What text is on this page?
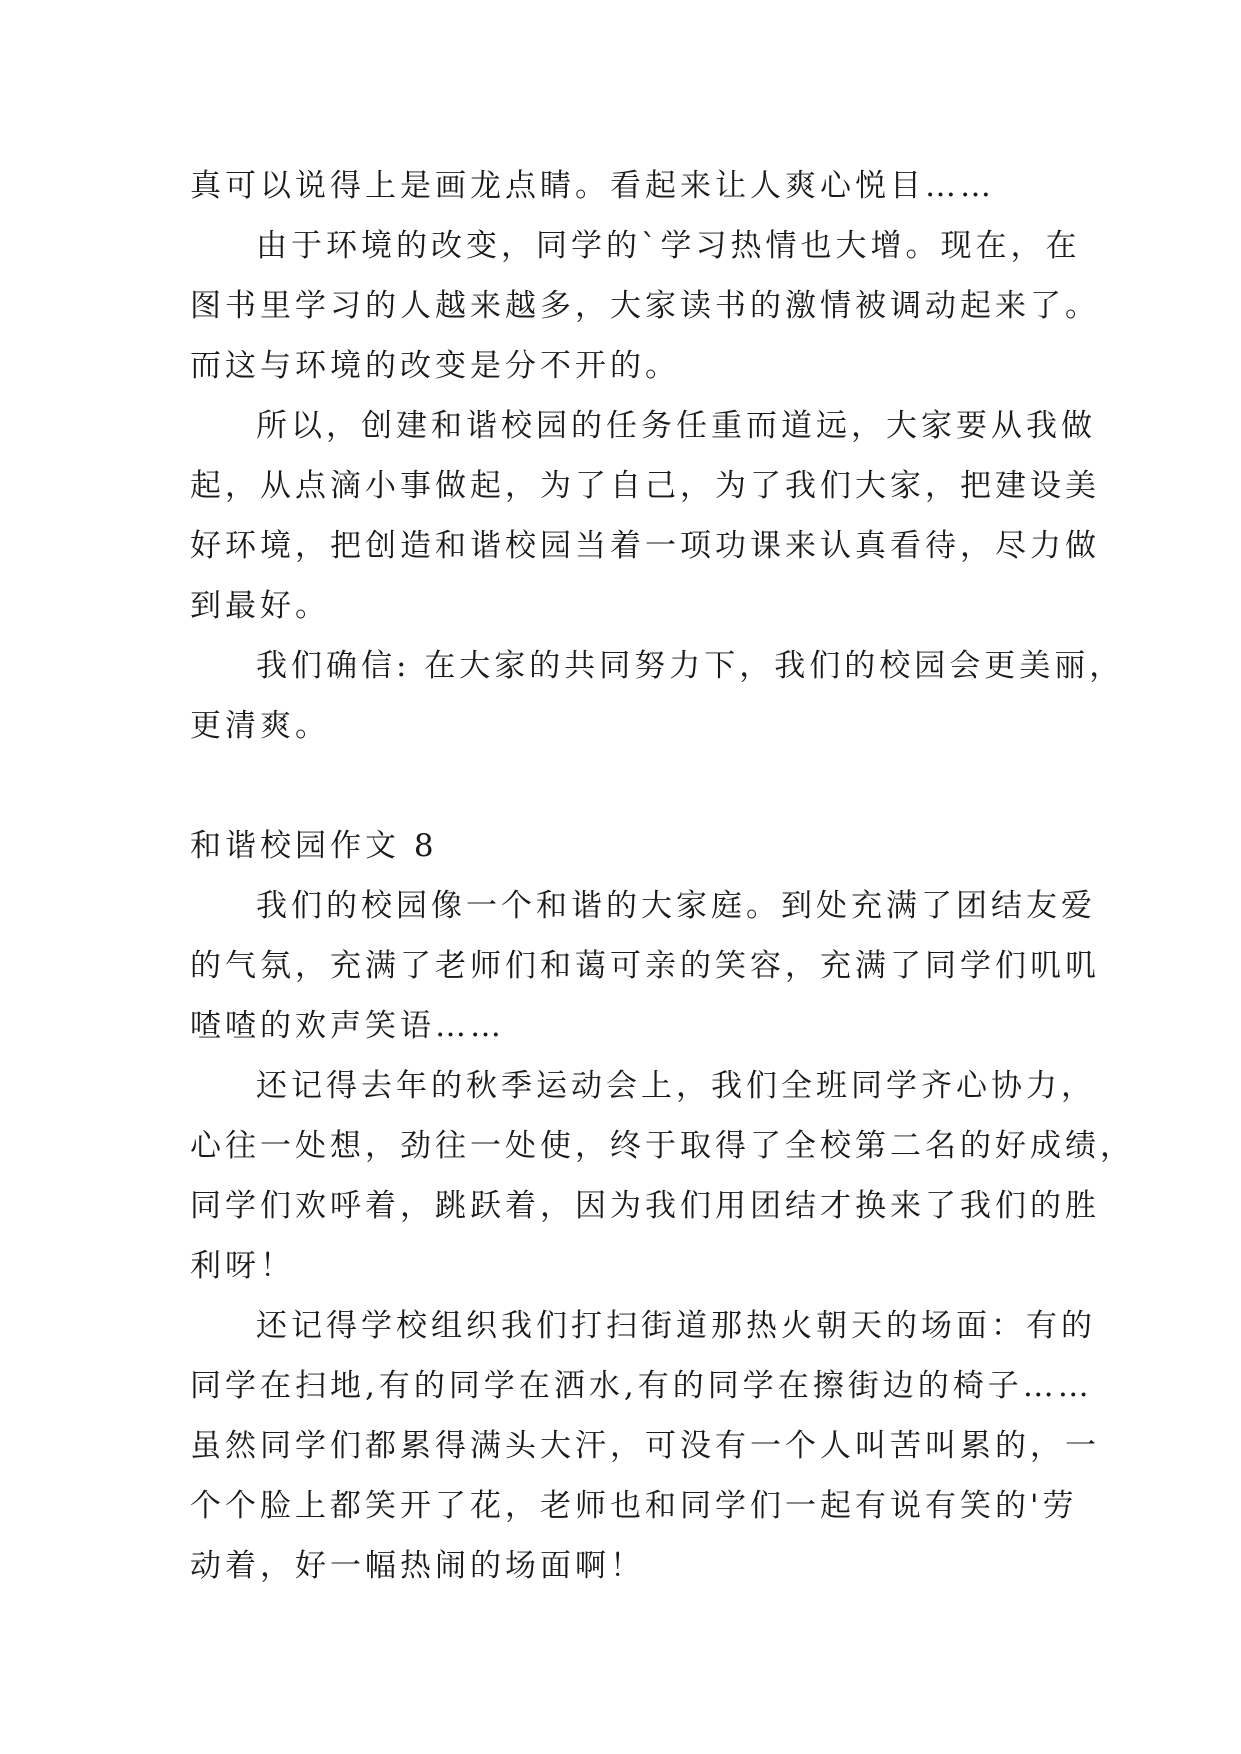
真可以说得上是画龙点睛。看起来让人爽心悦目……
由于环境的改变，同学的`学习热情也大增。现在，在
图书里学习的人越来越多，大家读书的激情被调动起来了。
而这与环境的改变是分不开的。
所以，创建和谐校园的任务任重而道远，大家要从我做
起，从点滴小事做起，为了自己，为了我们大家，把建设美
好环境，把创造和谐校园当着一项功课来认真看待，尽力做
到最好。
我们确信: 在大家的共同努力下，我们的校园会更美丽，
更清爽。
和谐校园作文 8
我们的校园像一个和谐的大家庭。到处充满了团结友爱
的气氛，充满了老师们和蔼可亲的笑容，充满了同学们叽叽
喳喳的欢声笑语……
还记得去年的秋季运动会上，我们全班同学齐心协力，
心往一处想，劲往一处使，终于取得了全校第二名的好成绩，
同学们欢呼着，跳跃着，因为我们用团结才换来了我们的胜
利呀！
还记得学校组织我们打扫街道那热火朝天的场面：有的
同学在扫地,有的同学在洒水,有的同学在擦街边的椅子……
虽然同学们都累得满头大汗，可没有一个人叫苦叫累的，一
个个脸上都笑开了花，老师也和同学们一起有说有笑的'劳
动着，好一幅热闹的场面啊！
